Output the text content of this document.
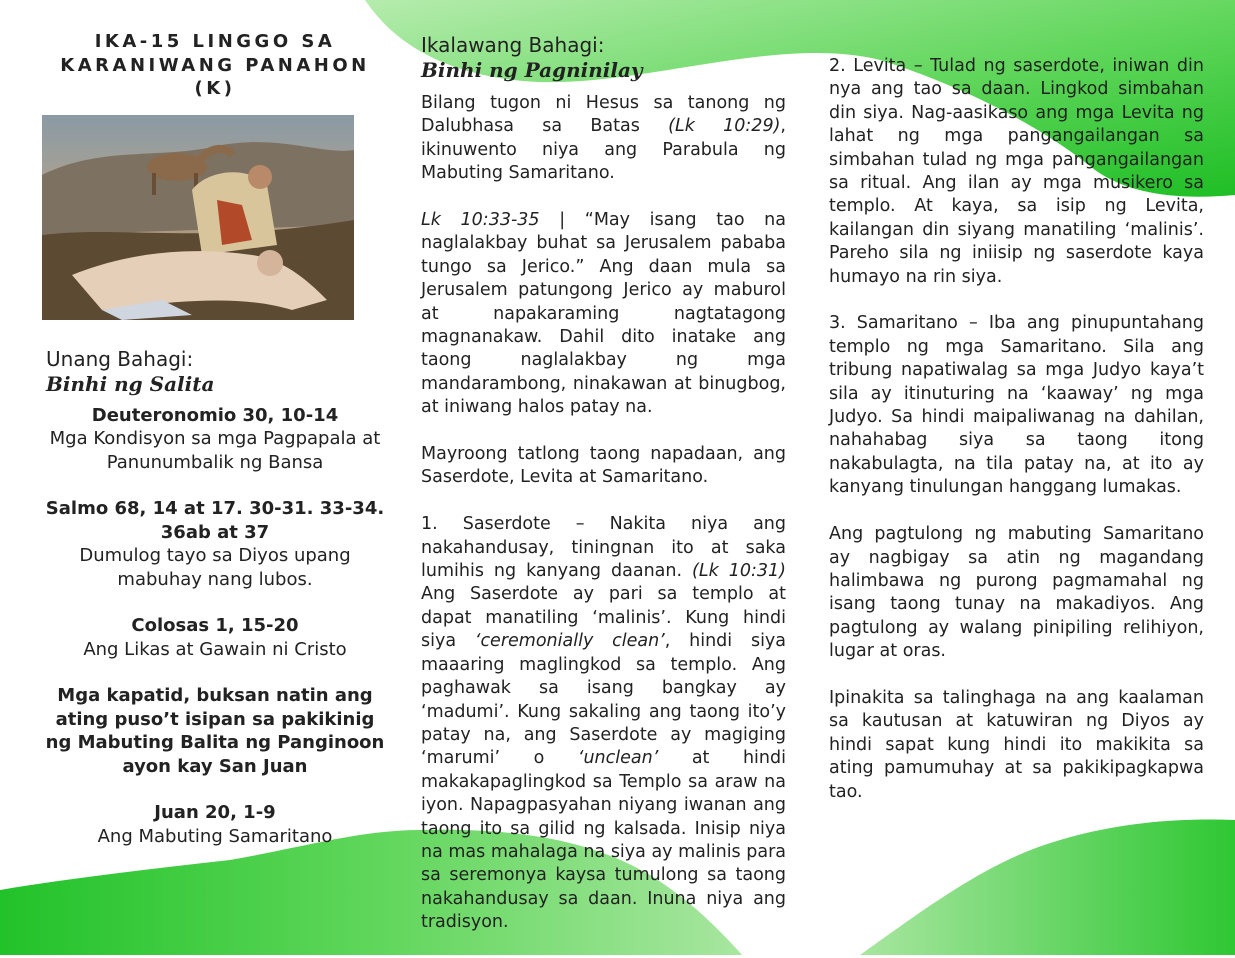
IKA-15 LINGGO SA KARANIWANG PANAHON (K)

Unang Bahagi:

Binhi ng Salita

Deuteronomio 30, 10-14
Mga Kondisyon sa mga Pagpapala at Panunumbalik ng Bansa

Salmo 68, 14 at 17. 30-31. 33-34. 36ab at 37
Dumulog tayo sa Diyos upang mabuhay nang lubos.

Colosas 1, 15-20
Ang Likas at Gawain ni Cristo

Mga kapatid, buksan natin ang ating puso’t isipan sa pakikinig ng Mabuting Balita ng Panginoon ayon kay San Juan

Juan 20, 1-9
Ang Mabuting Samaritano

Ikalawang Bahagi:

Binhi ng Pagninilay

Bilang tugon ni Hesus sa tanong ng Dalubhasa sa Batas (Lk 10:29), ikinuwento niya ang Parabula ng Mabuting Samaritano.

Lk 10:33-35 | “May isang tao na naglalakbay buhat sa Jerusalem pababa tungo sa Jerico.” Ang daan mula sa Jerusalem patungong Jerico ay maburol at napakaraming nagtatagong magnanakaw. Dahil dito inatake ang taong naglalakbay ng mga mandarambong, ninakawan at binugbog, at iniwang halos patay na.

Mayroong tatlong taong napadaan, ang Saserdote, Levita at Samaritano.

1. Saserdote – Nakita niya ang nakahandusay, tiningnan ito at saka lumihis ng kanyang daanan. (Lk 10:31) Ang Saserdote ay pari sa templo at dapat manatiling ‘malinis’. Kung hindi siya ‘ceremonially clean’, hindi siya maaaring maglingkod sa templo. Ang paghawak sa isang bangkay ay ‘madumi’. Kung sakaling ang taong ito’y patay na, ang Saserdote ay magiging ‘marumi’ o ‘unclean’ at hindi makakapaglingkod sa Templo sa araw na iyon. Napagpasyahan niyang iwanan ang taong ito sa gilid ng kalsada. Inisip niya na mas mahalaga na siya ay malinis para sa seremonya kaysa tumulong sa taong nakahandusay sa daan. Inuna niya ang tradisyon.

2. Levita – Tulad ng saserdote, iniwan din nya ang tao sa daan. Lingkod simbahan din siya. Nag-aasikaso ang mga Levita ng lahat ng mga pangangailangan sa simbahan tulad ng mga pangangailangan sa ritual. Ang ilan ay mga musikero sa templo. At kaya, sa isip ng Levita, kailangan din siyang manatiling ‘malinis’. Pareho sila ng iniisip ng saserdote kaya humayo na rin siya.

3. Samaritano – Iba ang pinupuntahang templo ng mga Samaritano. Sila ang tribung napatiwalag sa mga Judyo kaya’t sila ay itinuturing na ‘kaaway’ ng mga Judyo. Sa hindi maipaliwanag na dahilan, nahahabag siya sa taong itong nakabulagta, na tila patay na, at ito ay kanyang tinulungan hanggang lumakas.

Ang pagtulong ng mabuting Samaritano ay nagbigay sa atin ng magandang halimbawa ng purong pagmamahal ng isang taong tunay na makadiyos. Ang pagtulong ay walang pinipiling relihiyon, lugar at oras.

Ipinakita sa talinghaga na ang kaalaman sa kautusan at katuwiran ng Diyos ay hindi sapat kung hindi ito makikita sa ating pamumuhay at sa pakikipagkapwa tao.
